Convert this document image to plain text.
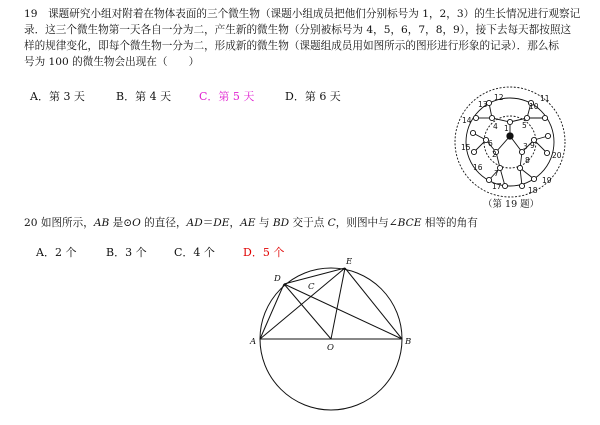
19　课题研究小组对附着在物体表面的三个微生物（课题小组成员把他们分别标号为 1，2，3）的生长情况进行观察记
录．这三个微生物第一天各自一分为二，产生新的微生物（分别被标号为 4，5，6，7，8，9），接下去每天都按照这
样的规律变化，即每个微生物一分为二，形成新的微生物（课题组成员用如图所示的图形进行形象的记录）．那么标
号为 100 的微生物会出现在（　　）
A．第 3 天	B．第 4 天	C．第 5 天	D．第 6 天
20 如图所示，AB 是⊙O 的直径，AD＝DE，AE 与 BD 交于点 C，则图中与∠BCE 相等的角有
A．2 个	B．3 个 C．4 个	D．5 个
1
2
3
4	5
6
7
8
9
10
11
12
13
14
15
16
17	18
19
20
（第 19 题）
A	B
O
D
E
C
